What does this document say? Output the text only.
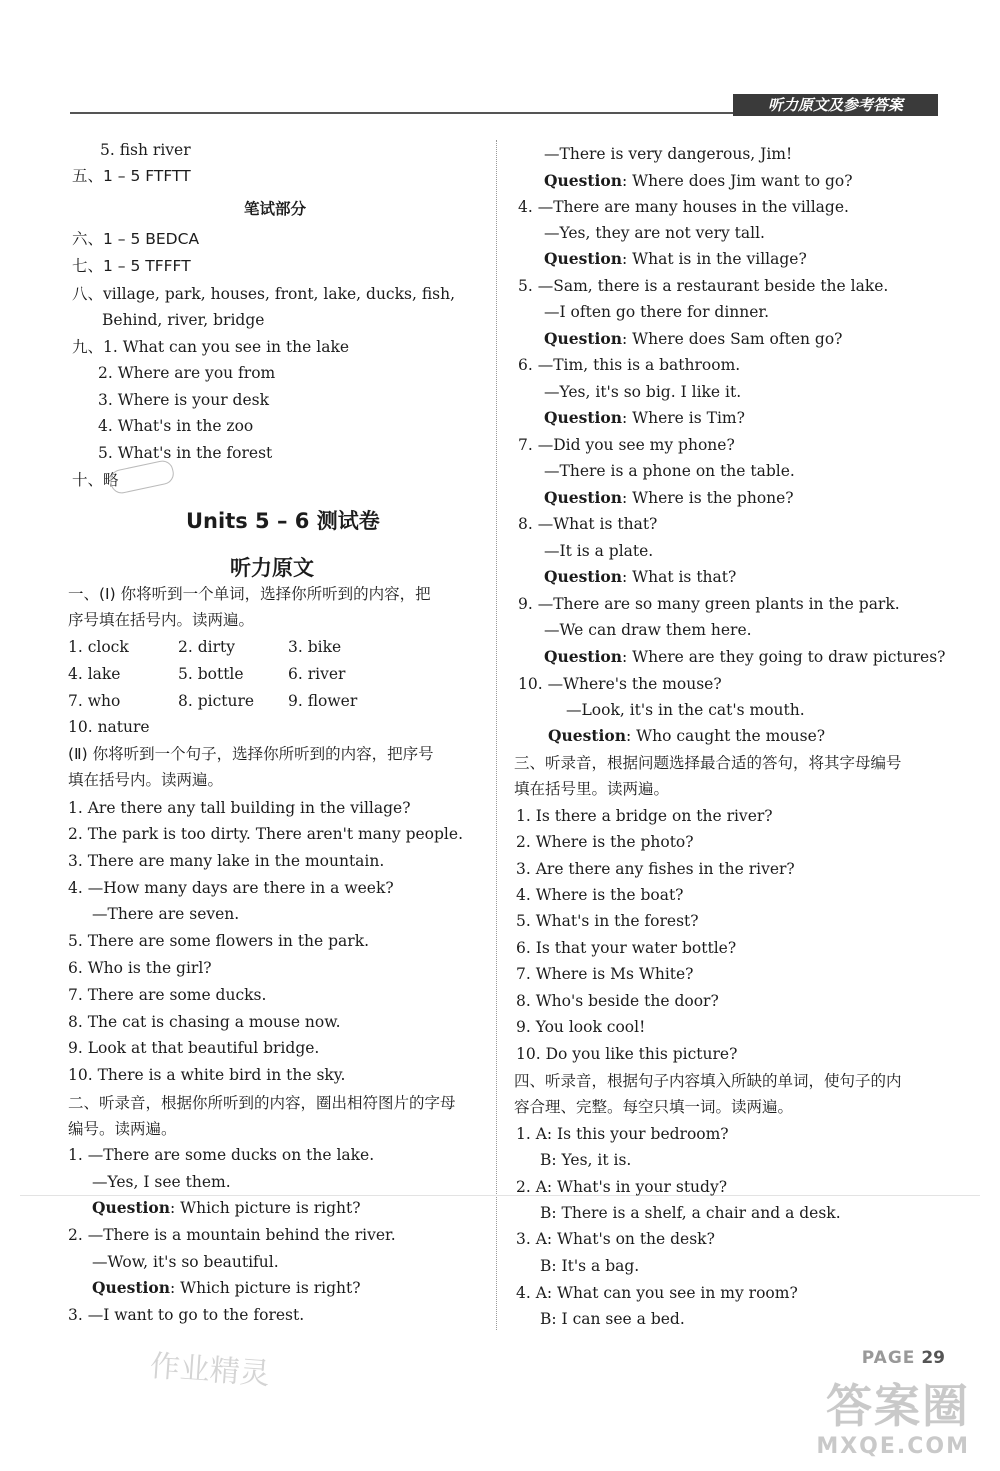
听力原文及参考答案
5. fish river
五、1 – 5 FTFTT
笔试部分
六、1 – 5 BEDCA
七、1 – 5 TFFFT
八、village, park, houses, front, lake, ducks, fish,
Behind, river, bridge
九、1. What can you see in the lake
2. Where are you from
3. Where is your desk
4. What's in the zoo
5. What's in the forest
十、略
Units 5 – 6 测试卷
听力原文
一、(Ⅰ) 你将听到一个单词，选择你所听到的内容，把
序号填在括号内。读两遍。
1. clock	2. dirty	3. bike
4. lake	5. bottle	6. river
7. who	8. picture 9. flower
10. nature
(Ⅱ) 你将听到一个句子，选择你所听到的内容，把序号
填在括号内。读两遍。
1. Are there any tall building in the village?
2. The park is too dirty. There aren't many people.
3. There are many lake in the mountain.
4. —How many days are there in a week?
—There are seven.
5. There are some flowers in the park.
6. Who is the girl?
7. There are some ducks.
8. The cat is chasing a mouse now.
9. Look at that beautiful bridge.
10. There is a white bird in the sky.
二、听录音，根据你所听到的内容，圈出相符图片的字母
编号。读两遍。
1. —There are some ducks on the lake.
—Yes, I see them.
Question: Which picture is right?
2. —There is a mountain behind the river.
—Wow, it's so beautiful.
Question: Which picture is right?
3. —I want to go to the forest.
—There is very dangerous, Jim!
Question: Where does Jim want to go?
4. —There are many houses in the village.
—Yes, they are not very tall.
Question: What is in the village?
5. —Sam, there is a restaurant beside the lake.
—I often go there for dinner.
Question: Where does Sam often go?
6. —Tim, this is a bathroom.
—Yes, it's so big. I like it.
Question: Where is Tim?
7. —Did you see my phone?
—There is a phone on the table.
Question: Where is the phone?
8. —What is that?
—It is a plate.
Question: What is that?
9. —There are so many green plants in the park.
—We can draw them here.
Question: Where are they going to draw pictures?
10. —Where's the mouse?
—Look, it's in the cat's mouth.
Question: Who caught the mouse?
三、听录音，根据问题选择最合适的答句，将其字母编号
填在括号里。读两遍。
1. Is there a bridge on the river?
2. Where is the photo?
3. Are there any fishes in the river?
4. Where is the boat?
5. What's in the forest?
6. Is that your water bottle?
7. Where is Ms White?
8. Who's beside the door?
9. You look cool!
10. Do you like this picture?
四、听录音，根据句子内容填入所缺的单词，使句子的内
容合理、完整。每空只填一词。读两遍。
1. A: Is this your bedroom?
B: Yes, it is.
2. A: What's in your study?
B: There is a shelf, a chair and a desk.
3. A: What's on the desk?
B: It's a bag.
4. A: What can you see in my room?
B: I can see a bed.
PAGE 29
作业精灵
答案圈
MXQE.COM
